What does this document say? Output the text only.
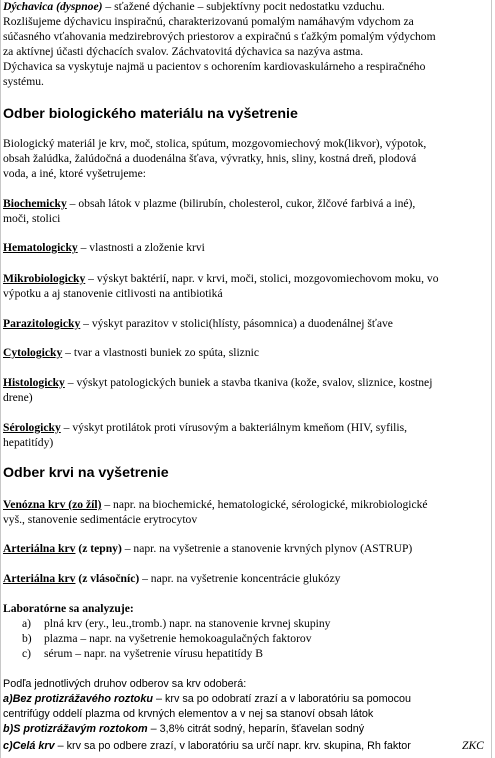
Dýchavica (dyspnoe) – sťažené dýchanie – subjektívny pocit nedostatku vzduchu.
Rozlišujeme dýchavicu inspiračnú, charakterizovanú pomalým namáhavým vdychom za
súčasného vťahovania medzirebrových priestorov a expiračnú s ťažkým pomalým výdychom
za aktívnej účasti dýchacích svalov. Záchvatovitá dýchavica sa nazýva astma.
Dýchavica sa vyskytuje najmä u pacientov s ochorením kardiovaskulárneho a respiračného
systému.
Odber biologického materiálu na vyšetrenie
Biologický materiál je krv, moč, stolica, spútum, mozgovomiechový mok(likvor), výpotok,
obsah žalúdka, žalúdočná a duodenálna šťava, vývratky, hnis, sliny, kostná dreň, plodová
voda, a iné, ktoré vyšetrujeme:
Biochemicky – obsah látok v plazme (bilirubín, cholesterol, cukor, žlčové farbivá a iné),
moči, stolici
Hematologicky – vlastnosti a zloženie krvi
Mikrobiologicky – výskyt baktérií, napr. v krvi, moči, stolici, mozgovomiechovom moku, vo
výpotku a aj stanovenie citlivosti na antibiotiká
Parazitologicky – výskyt parazitov v stolici(hlísty, pásomnica) a duodenálnej šťave
Cytologicky – tvar a vlastnosti buniek zo spúta, sliznic
Histologicky – výskyt patologických buniek a stavba tkaniva (kože, svalov, sliznice, kostnej
drene)
Sérologicky – výskyt protilátok proti vírusovým a bakteriálnym kmeňom (HIV, syfilis,
hepatitídy)
Odber krvi na vyšetrenie
Venózna krv (zo žíl) – napr. na biochemické, hematologické, sérologické, mikrobiologické
vyš., stanovenie sedimentácie erytrocytov
Arteriálna krv (z tepny) – napr. na vyšetrenie a stanovenie krvných plynov (ASTRUP)
Arteriálna krv (z vlásočníc) – napr. na vyšetrenie koncentrácie glukózy
Laboratórne sa analyzuje:
a) plná krv (ery., leu.,tromb.) napr. na stanovenie krvnej skupiny
b) plazma – napr. na vyšetrenie hemokoagulačných faktorov
c) sérum – napr. na vyšetrenie vírusu hepatitídy B
Podľa jednotlivých druhov odberov sa krv odoberá:
a)Bez protizrážavého roztoku – krv sa po odobratí zrazí a v laboratóriu sa pomocou
centrifúgy oddelí plazma od krvných elementov a v nej sa stanoví obsah látok
b)S protizrážavým roztokom – 3,8% citrát sodný, heparín, šťavelan sodný
c)Celá krv – krv sa po odbere zrazí, v laboratóriu sa určí napr. krv. skupina, Rh faktor	ZKC
